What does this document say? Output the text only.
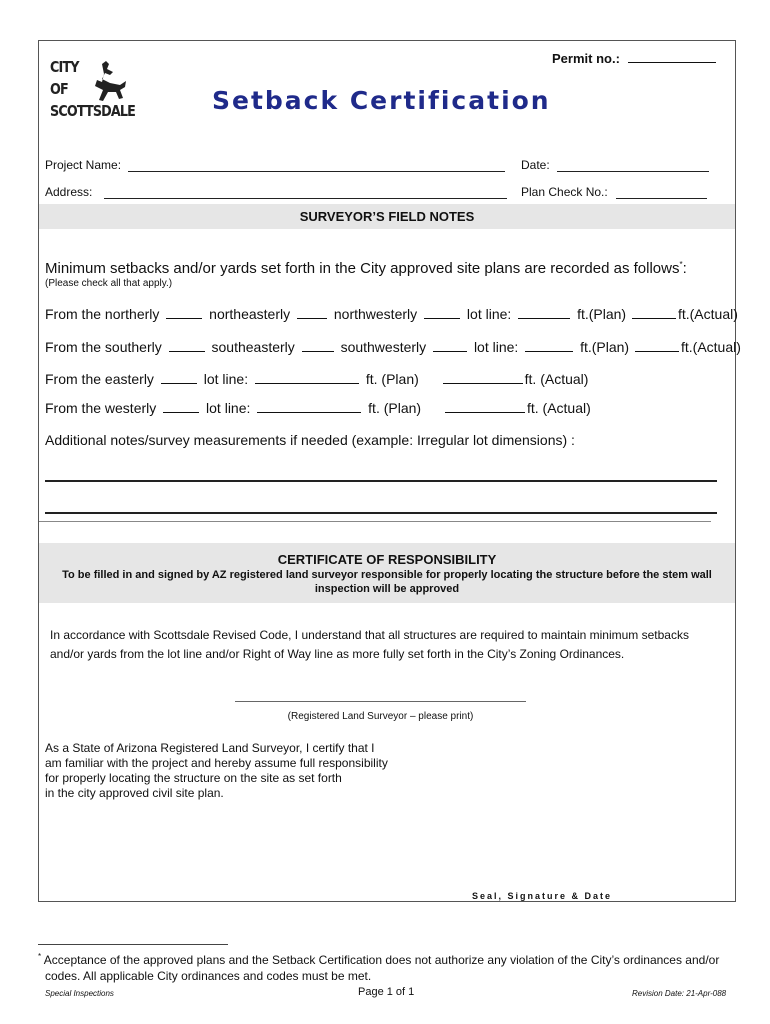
Permit no.:
CITY
OF
SCOTTSDALE	Setback Certification
Project Name:	Date:
Address:	Plan Check No.:
SURVEYOR’S FIELD NOTES
Minimum setbacks and/or yards set forth in the City approved site plans are recorded as follows*:
(Please check all that apply.)
From the northerly	northeasterly	northwesterly	lot line:	ft.(Plan)	ft.(Actual)
From the southerly	southeasterly	southwesterly	lot line:	ft.(Plan)	ft.(Actual)
From the easterly	lot line:	ft. (Plan)	ft. (Actual)
From the westerly	lot line:	ft. (Plan)	ft. (Actual)
Additional notes/survey measurements if needed (example: Irregular lot dimensions) :
CERTIFICATE OF RESPONSIBILITY
To be filled in and signed by AZ registered land surveyor responsible for properly locating the structure before the stem wall
inspection will be approved
In accordance with Scottsdale Revised Code, I understand that all structures are required to maintain minimum setbacks
and/or yards from the lot line and/or Right of Way line as more fully set forth in the City’s Zoning Ordinances.
(Registered Land Surveyor – please print)
As a State of Arizona Registered Land Surveyor, I certify that I
am familiar with the project and hereby assume full responsibility
for properly locating the structure on the site as set forth
in the city approved civil site plan.
Seal, Signature & Date
* Acceptance of the approved plans and the Setback Certification does not authorize any violation of the City’s ordinances and/or
codes. All applicable City ordinances and codes must be met.
Special Inspections	Page 1 of 1	Revision Date: 21-Apr-088
